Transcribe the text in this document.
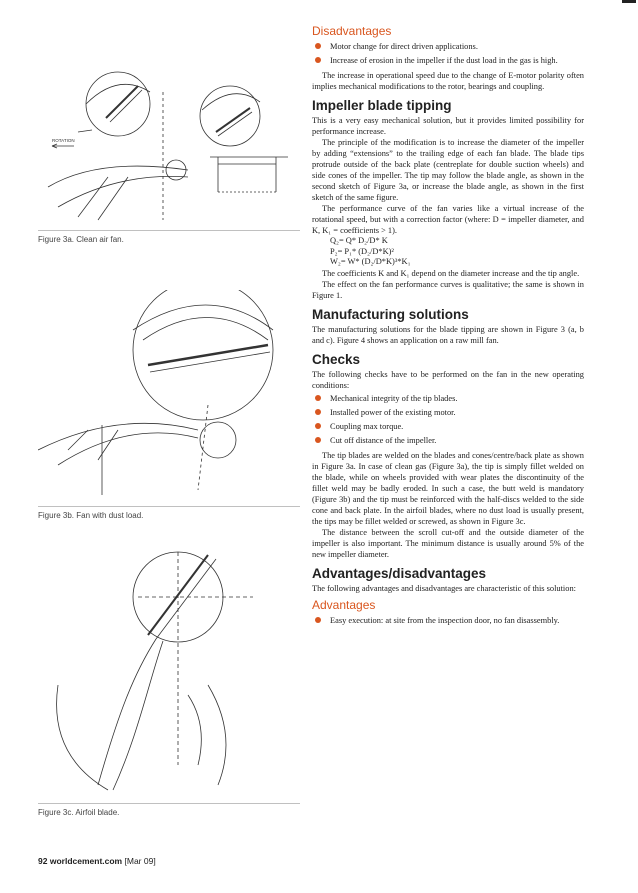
ROTATION
Figure 3a. Clean air fan.
Figure 3b. Fan with dust load.
Figure 3c. Airfoil blade.
92 worldcement.com [Mar 09]
Disadvantages
Motor change for direct driven applications.
Increase of erosion in the impeller if the dust load in the gas is high.

The increase in operational speed due to the change of E-motor polarity often implies mechanical modifications to the rotor, bearings and coupling.

Impeller blade tipping

This is a very easy mechanical solution, but it provides limited possibility for performance increase.

The principle of the modification is to increase the diameter of the impeller by adding “extensions” to the trailing edge of each fan blade. The blade tips protrude outside of the back plate (centreplate for double suction wheels) and side cones of the impeller. The tip may follow the blade angle, as shown in the second sketch of Figure 3a, or increase the blade angle, as shown in the first sketch of the same figure.

The performance curve of the fan varies like a virtual increase of the rotational speed, but with a correction factor (where: D = impeller diameter, and K, K₁ = coefficients > 1).

Q₂= Q* D₂/D* K
P₂= P₁* (D₂/D*K)²
W₂= W* (D₂/D*K)³*K₁

The coefficients K and K₁ depend on the diameter increase and the tip angle.

The effect on the fan performance curves is qualitative; the same is shown in Figure 1.

Manufacturing solutions

The manufacturing solutions for the blade tipping are shown in Figure 3 (a, b and c). Figure 4 shows an application on a raw mill fan.

Checks

The following checks have to be performed on the fan in the new operating conditions:

Mechanical integrity of the tip blades.
Installed power of the existing motor.
Coupling max torque.
Cut off distance of the impeller.

The tip blades are welded on the blades and cones/centre/back plate as shown in Figure 3a. In case of clean gas (Figure 3a), the tip is simply fillet welded on the blade, while on wheels provided with wear plates the discontinuity of the fillet weld may be badly eroded. In such a case, the butt weld is mandatory (Figure 3b) and the tip must be reinforced with the half-discs welded to the side cone and back plate. In the airfoil blades, where no dust load is usually present, the tips may be fillet welded or screwed, as shown in Figure 3c.

The distance between the scroll cut-off and the outside diameter of the impeller is also important. The minimum distance is usually around 5% of the new impeller diameter.

Advantages/disadvantages

The following advantages and disadvantages are characteristic of this solution:

Advantages
Easy execution: at site from the inspection door, no fan disassembly.
